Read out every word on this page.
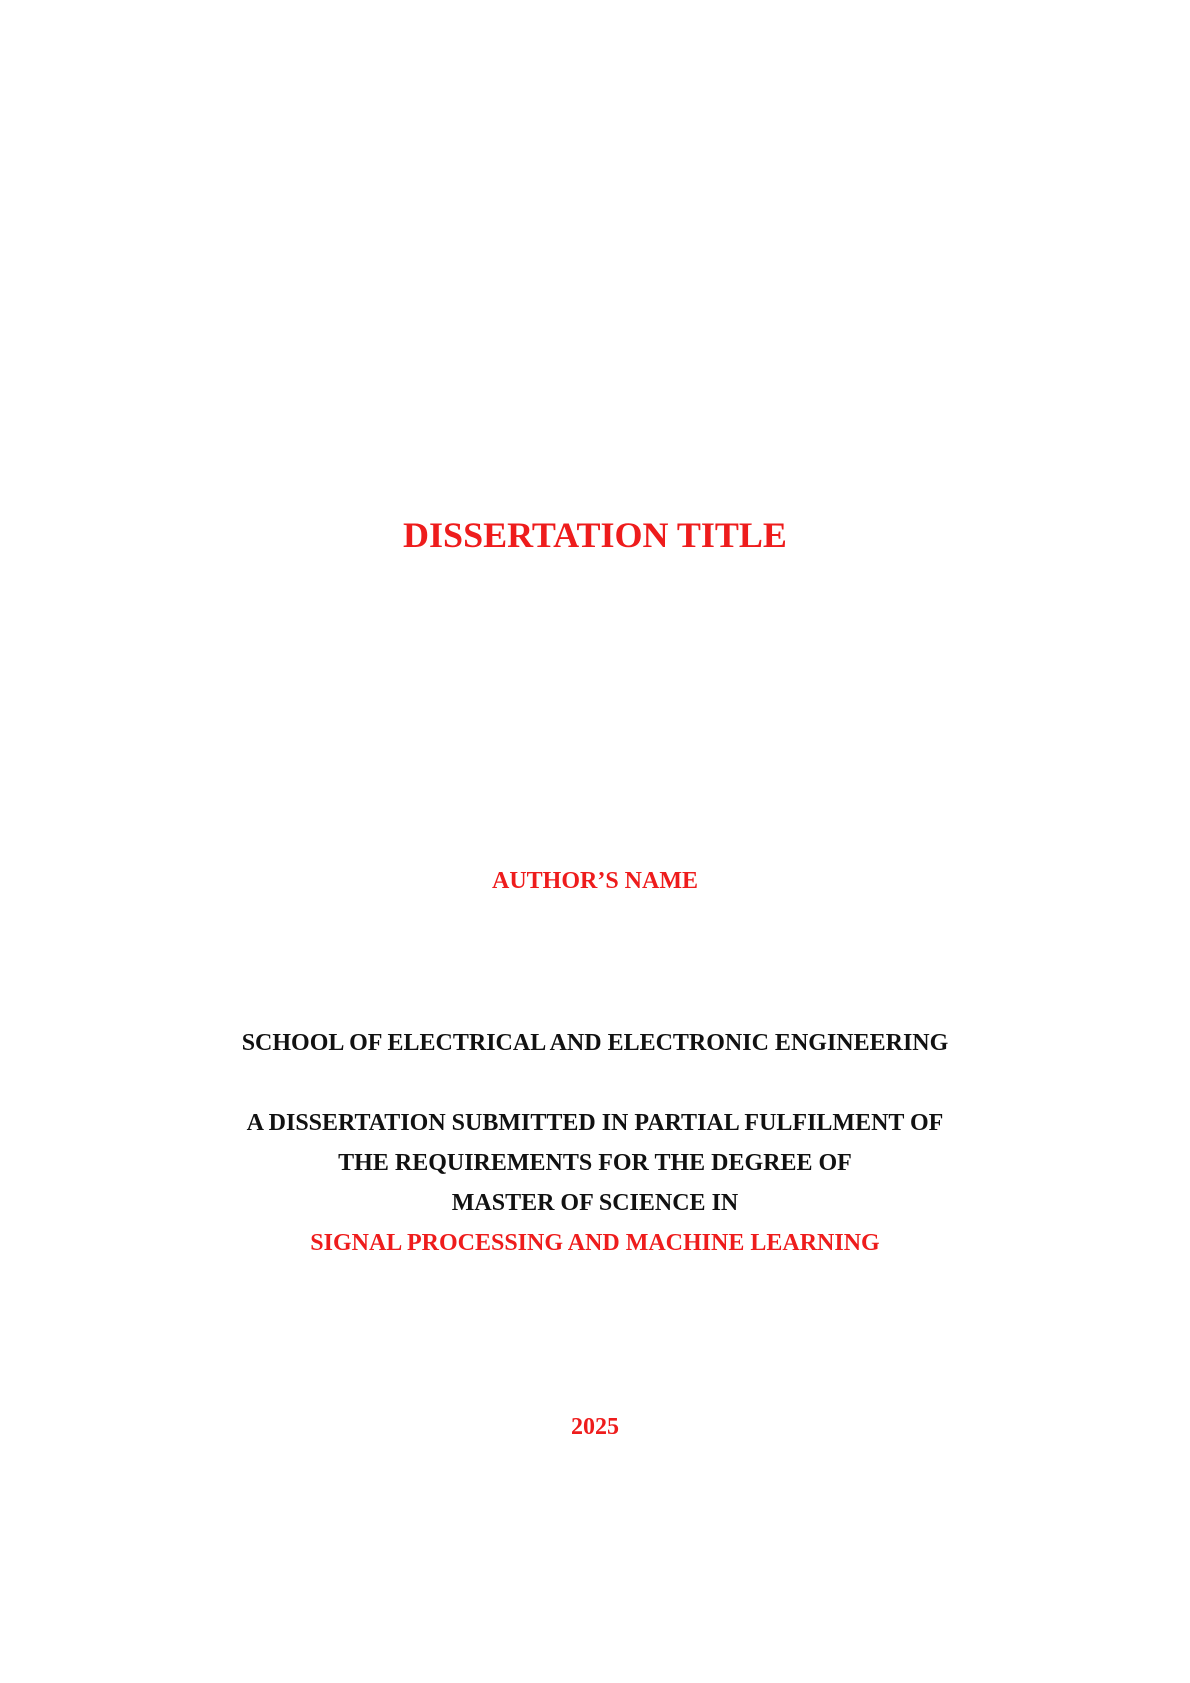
DISSERTATION TITLE
AUTHOR’S NAME
SCHOOL OF ELECTRICAL AND ELECTRONIC ENGINEERING
A DISSERTATION SUBMITTED IN PARTIAL FULFILMENT OF
THE REQUIREMENTS FOR THE DEGREE OF
MASTER OF SCIENCE IN
SIGNAL PROCESSING AND MACHINE LEARNING
2025
